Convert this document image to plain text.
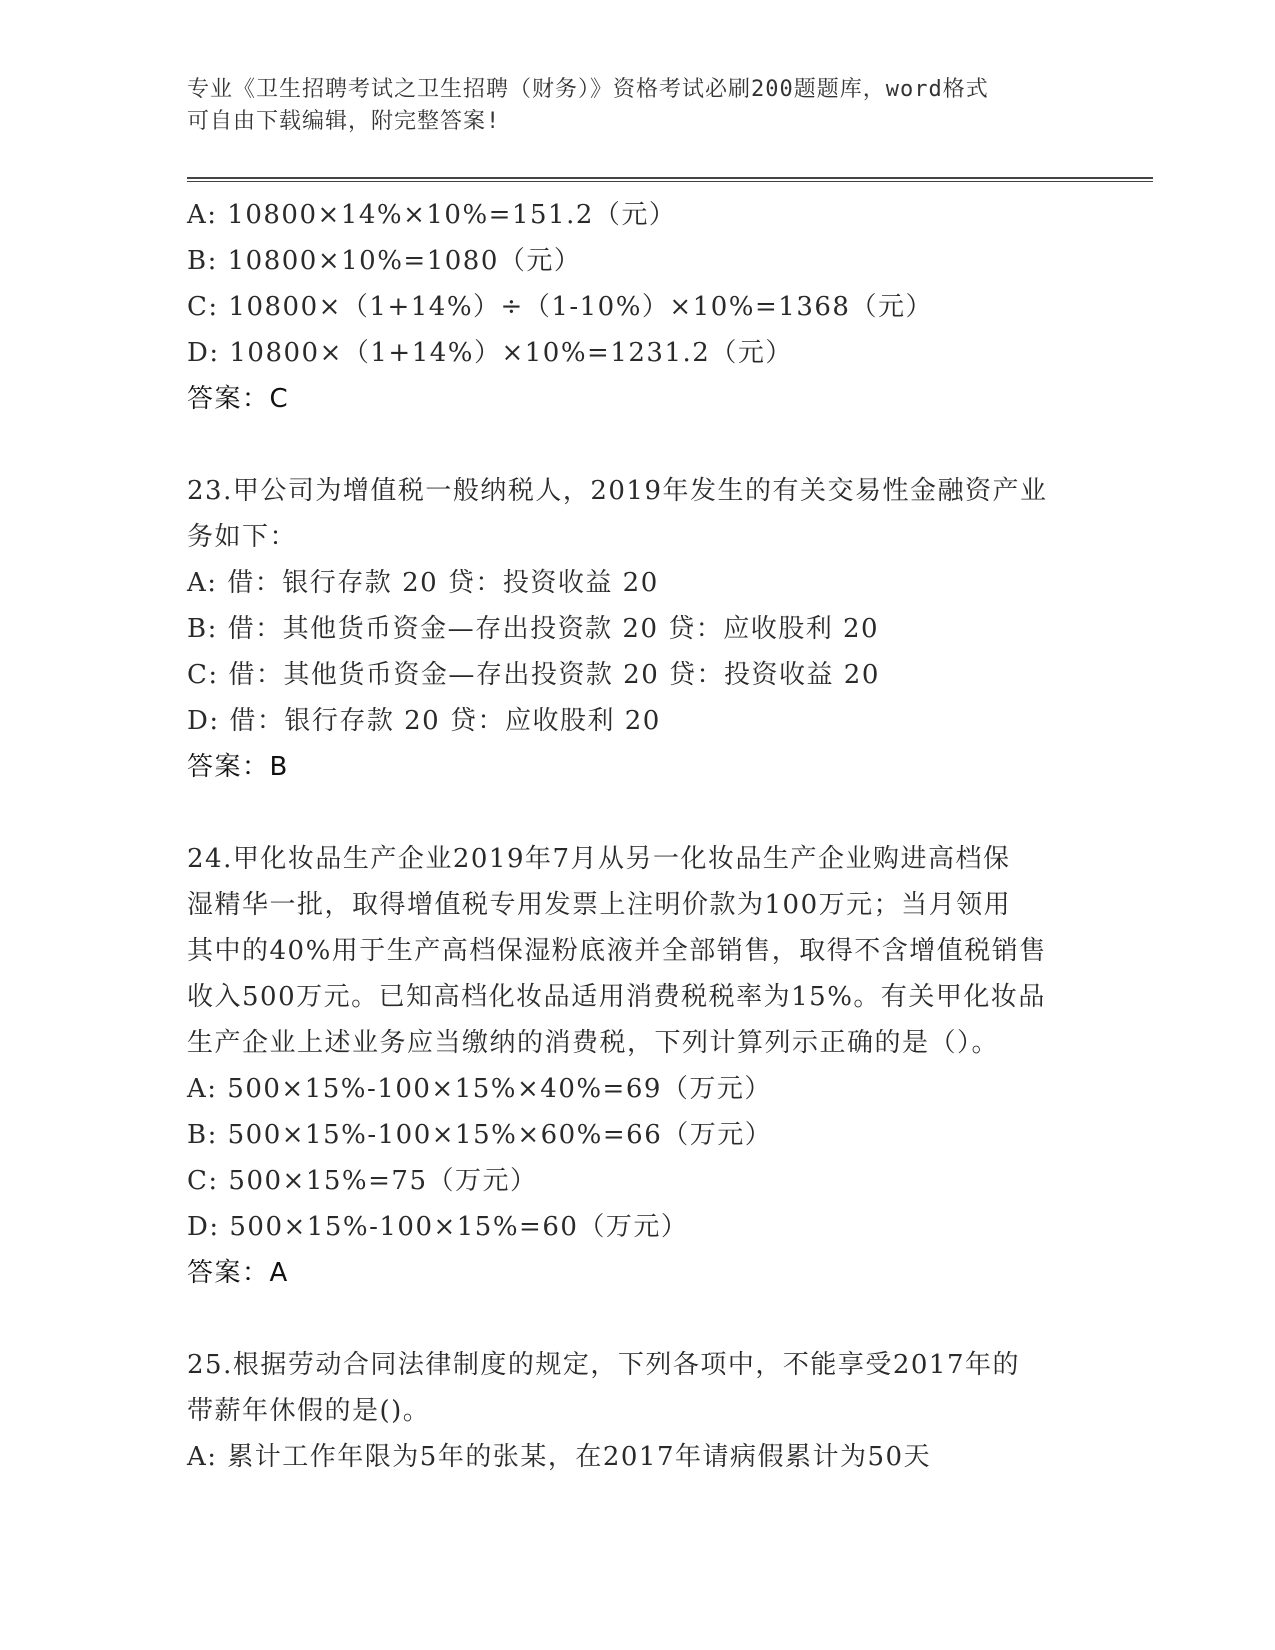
专业《卫生招聘考试之卫生招聘（财务）》资格考试必刷200题题库，word格式
可自由下载编辑，附完整答案!
A: 10800×14%×10%=151.2（元）
B: 10800×10%=1080（元）
C: 10800×（1+14%）÷（1-10%）×10%=1368（元）
D: 10800×（1+14%）×10%=1231.2（元）
答案：C
23.甲公司为增值税一般纳税人，2019年发生的有关交易性金融资产业
务如下：
A: 借：银行存款 20 贷：投资收益 20
B: 借：其他货币资金—存出投资款 20 贷：应收股利 20
C: 借：其他货币资金—存出投资款 20 贷：投资收益 20
D: 借：银行存款 20 贷：应收股利 20
答案：B
24.甲化妆品生产企业2019年7月从另一化妆品生产企业购进高档保
湿精华一批，取得增值税专用发票上注明价款为100万元；当月领用
其中的40%用于生产高档保湿粉底液并全部销售，取得不含增值税销售
收入500万元。已知高档化妆品适用消费税税率为15%。有关甲化妆品
生产企业上述业务应当缴纳的消费税，下列计算列示正确的是（）。
A: 500×15%-100×15%×40%=69（万元）
B: 500×15%-100×15%×60%=66（万元）
C: 500×15%=75（万元）
D: 500×15%-100×15%=60（万元）
答案：A
25.根据劳动合同法律制度的规定，下列各项中，不能享受2017年的
带薪年休假的是()。
A: 累计工作年限为5年的张某，在2017年请病假累计为50天
